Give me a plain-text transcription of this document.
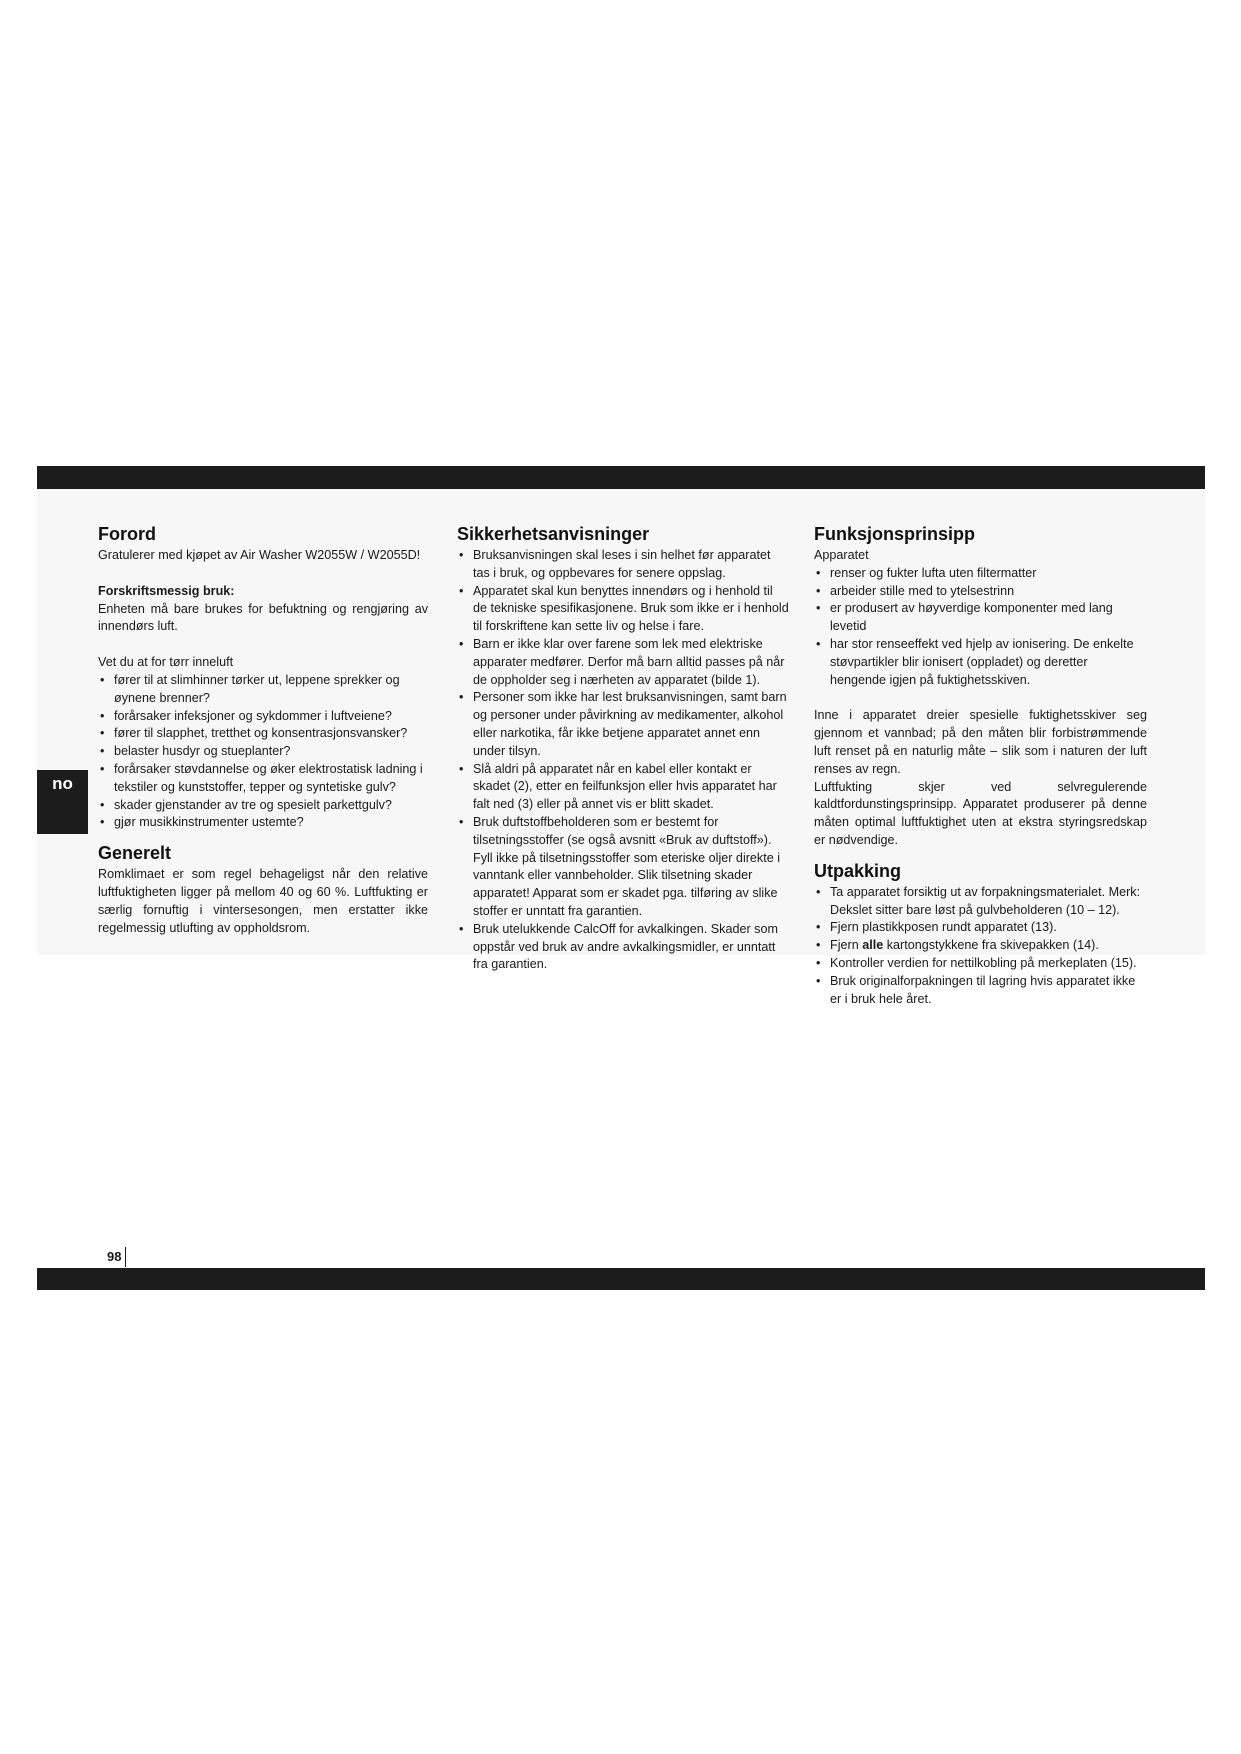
no
Forord

Gratulerer med kjøpet av Air Washer W2055W / W2055D!

Forskriftsmessig bruk:

Enheten må bare brukes for befuktning og rengjøring av innendørs luft.

Vet du at for tørr inneluft

• fører til at slimhinner tørker ut, leppene sprekker og øynene brenner?
• forårsaker infeksjoner og sykdommer i luftveiene?
• fører til slapphet, tretthet og konsentrasjonsvansker?
• belaster husdyr og stueplanter?
• forårsaker støvdannelse og øker elektrostatisk ladning i tekstiler og kunststoffer, tepper og syntetiske gulv?
• skader gjenstander av tre og spesielt parkettgulv?
• gjør musikkinstrumenter ustemte?
Generelt

Romklimaet er som regel behageligst når den relative luftfuktigheten ligger på mellom 40 og 60 %. Luftfukting er særlig fornuftig i vintersesongen, men erstatter ikke regelmessig utlufting av oppholdsrom.

Sikkerhetsanvisninger
• Bruksanvisningen skal leses i sin helhet før apparatet tas i bruk, og oppbevares for senere oppslag.
• Apparatet skal kun benyttes innendørs og i henhold til de tekniske spesifikasjonene. Bruk som ikke er i henhold til forskriftene kan sette liv og helse i fare.
• Barn er ikke klar over farene som lek med elektriske apparater medfører. Derfor må barn alltid passes på når de oppholder seg i nærheten av apparatet (bilde 1).
• Personer som ikke har lest bruksanvisningen, samt barn og personer under påvirkning av medikamenter, alkohol eller narkotika, får ikke betjene apparatet annet enn under tilsyn.
• Slå aldri på apparatet når en kabel eller kontakt er skadet (2), etter en feilfunksjon eller hvis apparatet har falt ned (3) eller på annet vis er blitt skadet.
• Bruk duftstoffbeholderen som er bestemt for tilsetningsstoffer (se også avsnitt «Bruk av duftstoff»). Fyll ikke på tilsetningsstoffer som eteriske oljer direkte i vanntank eller vannbeholder. Slik tilsetning skader apparatet! Apparat som er skadet pga. tilføring av slike stoffer er unntatt fra garantien.
• Bruk utelukkende CalcOff for avkalkingen. Skader som oppstår ved bruk av andre avkalkingsmidler, er unntatt fra garantien.
Funksjonsprinsipp

Apparatet

• renser og fukter lufta uten filtermatter
• arbeider stille med to ytelsestrinn
• er produsert av høyverdige komponenter med lang levetid
• har stor renseeffekt ved hjelp av ionisering. De enkelte støvpartikler blir ionisert (oppladet) og deretter hengende igjen på fuktighetsskiven.

Inne i apparatet dreier spesielle fuktighetsskiver seg gjennom et vannbad; på den måten blir forbistrømmende luft renset på en naturlig måte – slik som i naturen der luft renses av regn.

Luftfukting skjer ved selvregulerende kaldtfordunstingsprinsipp. Apparatet produserer på denne måten optimal luftfuktighet uten at ekstra styringsredskap er nødvendige.

Utpakking
• Ta apparatet forsiktig ut av forpakningsmaterialet. Merk: Dekslet sitter bare løst på gulvbeholderen (10 – 12).
• Fjern plastikkposen rundt apparatet (13).
• Fjern alle kartongstykkene fra skivepakken (14).
• Kontroller verdien for nettilkobling på merkeplaten (15).
• Bruk originalforpakningen til lagring hvis apparatet ikke er i bruk hele året.
98
